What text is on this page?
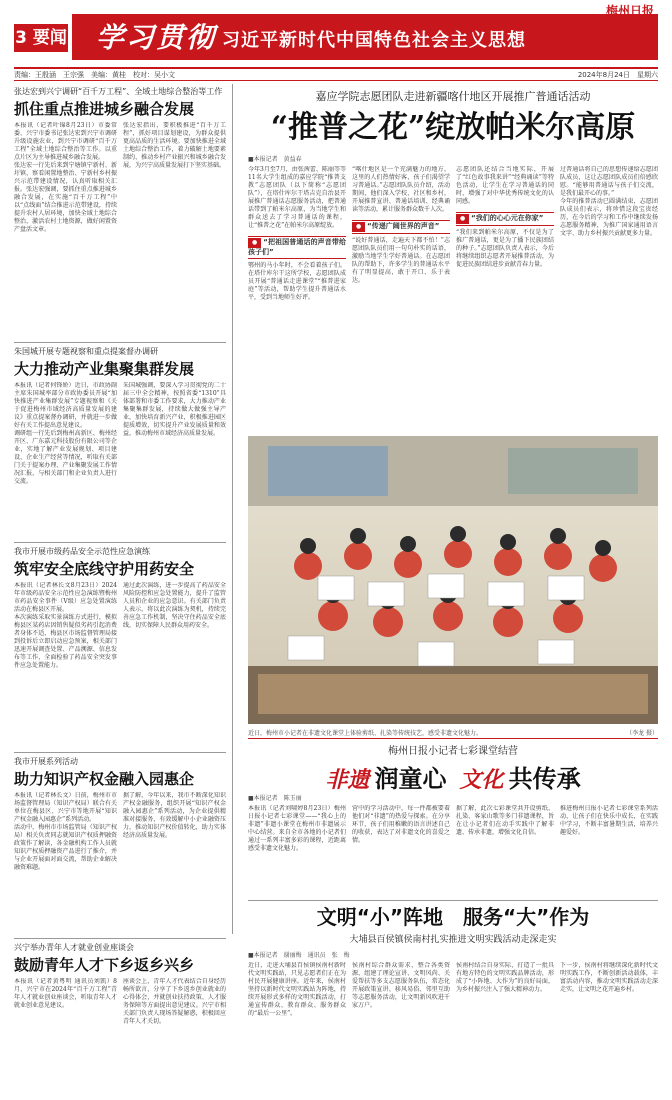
3 要闻 学习贯彻 习近平新时代中国特色社会主义思想
梅州日报
责编：王殷涵　王宗强　美编：黄桂　校对：吴小文	2024年8月24日　星期六
张达宏到兴宁调研“百千万工程”、全域土地综合整治等工作
抓住重点推进城乡融合发展

本报讯（记者叶锦8月23日）市委常委、兴宁市委书记张达宏到兴宁市调研升级设施农业，到兴宁市调研“百千万工程”全域土地综合整治等工作。以重点片区为主导推进城乡融合发展。

张达宏一行先后来到宁塘镇宁新村、新圩镇，察看闲置地整治、宁新村乡村振兴示范带建设情况，认真听取相关汇报。张达宏强调，要抓住重点推进城乡融合发展，在实施“百千万工程”中以“点线面”结合推进示范带建设，持续提升农村人居环境，加快全域土地综合整治，激活农村土地资源，做好闲置资产盘活文章。

张达宏指出，要积极推进“百千万工程”，抓好项目谋划建设，为群众提供更高品质的生活环境。要加快推进全域土地综合整治工作，着力破解土地要素制约，推动乡村产业振兴和城乡融合发展，为兴宁高质量发展打下坚实基础。

朱国城开展专题视察和重点提案督办调研
大力推动产业集聚集群发展

本报讯（记者何锋娇）近日，市政协副主席朱国城率部分市政协委员开展“加快推进产业集群发展”专题视察和《关于促进梅州市域经济高质量发展的建议》重点提案督办调研，并就进一步做好有关工作提出意见建议。

调研组一行先后到梅州高新区、梅州经开区、广东嘉元科技股份有限公司等企业，实地了解产业发展规划、项目建设、企业生产经营等情况，听取有关部门关于提案办理、产业集聚发展工作情况汇报，与相关部门和企业负责人进行交流。

朱国城强调，要深入学习贯彻党的二十届三中全会精神，按照省委“1310”具体部署和市委工作要求，大力推动产业集聚集群发展，持续做大做强主导产业，加快培育新兴产业，积极推进园区提质增效，切实提升产业发展质量和效益，推动梅州市域经济高质量发展。

我市开展市级药品安全示范性应急演练
筑牢安全底线守护用药安全

本报讯（记者林长文8月23日）2024年市级药品安全示范性应急演练暨梅州市药品安全事件（V级）应急处置演练活动在梅县区开展。

本次演练采取实景演练方式进行，模拟梅县区某药店因销售疑似劣药引起消费者身体不适，梅县区市场监督管理局接到投诉后立即启动应急预案，相关部门迅速开展调查处置、产品溯源、信息发布等工作，全面检验了药品安全突发事件应急处置能力。

通过此次演练，进一步提高了药品安全风险防控和应急处置能力，提升了监管人员和企业的应急意识。有关部门负责人表示，将以此次演练为契机，持续完善应急工作机制，坚决守住药品安全底线，切实保障人民群众用药安全。

我市开展系列活动
助力知识产权金融入园惠企

本报讯（记者林长文）日前，梅州市市场监督管理局（知识产权局）联合有关单位在梅县区、兴宁市等地开展“知识产权金融入园惠企”系列活动。

活动中，梅州市市场监管局（知识产权局）相关负责同志就知识产权质押融资政策作了解读，各金融机构工作人员就知识产权质押融资产品进行了推介，并与企业开展面对面交流，帮助企业解决融资难题。

据了解，今年以来，我市不断深化知识产权金融服务，组织开展“知识产权金融入园惠企”系列活动，为企业提供精准对接服务，有效缓解中小企业融资压力，推动知识产权价值转化，助力实体经济高质量发展。

兴宁举办青年人才就业创业座谈会
鼓励青年人才下乡返乡兴乡

本报讯（记者黄粤明 通讯员刘凯）8月，兴宁市在2024年“百千万工程”青年人才就业创业座谈会，听取青年人才就业创业意见建议。

座谈会上，青年人才代表结合自身经历畅所欲言，分享了下乡返乡创业就业的心得体会，并就创业扶持政策、人才服务保障等方面提出意见建议。兴宁市相关部门负责人现场答疑解惑，积极回应青年人才关切。

嘉应学院志愿团队走进新疆喀什地区开展推广普通话活动
“推普之花”绽放帕米尔高原
■本报记者　黄益春

今年3月至7月，由张茜蕾、陈丽等等11名大学生组成的嘉应学院“推普支教”志愿团队（以下简称“志愿团队”），在塔什库尔干塔吉克自治县开展推广普通话志愿服务活动，把普通话带到了帕米尔高原，为当地学生和群众送去了学习普通话的课程，让“推普之花”在帕米尔高原绽放。

● “把祖国普通话的声音带给孩子们”

鄂州的马小年时，不会看着孩子们。在塔什库尔干这所学校，志愿团队成员开展“普通话走进课堂”“推普进家庭”等活动，帮助学生提升普通话水平，受到当地师生好评。

“喀什地区是一个充满魅力的地方，这里的人们热情好客，孩子们渴望学习普通话。”志愿团队队员介绍，活动期间，他们深入学校、社区和乡村，开展推普宣讲、普通话培训、经典诵读等活动，累计服务群众数千人次。

● “传递广阔世界的声音”

“说好普通话，走遍天下都不怕！”志愿团队队员们用一句句朴实的话语，激励当地学生学好普通话。在志愿团队的帮助下，许多学生的普通话水平有了明显提高，敢于开口、乐于表达。

志愿团队还结合当地实际，开展了“红色故事我来讲”“经典诵读”等特色活动，让学生在学习普通话的同时，增强了对中华优秀传统文化的认同感。

● “我们的心心元在你家”

“我们来到帕米尔高原，不仅是为了推广普通话，更是为了播下民族团结的种子。”志愿团队负责人表示，今后将继续组织志愿者开展推普活动，为促进民族团结进步贡献青春力量。

过普通话将自己的思想传递给志愿团队成员，这让志愿团队成员们倍感欣慰。“能够用普通话与孩子们交流，是我们最开心的事。”

今年的推普活动已圆满结束，志愿团队成员们表示，将珍惜这段宝贵经历，在今后的学习和工作中继续发扬志愿服务精神，为推广国家通用语言文字、助力乡村振兴贡献更多力量。

近日，梅州市小记者在非遗文化课堂上体验剪纸、扎染等传统技艺，感受非遗文化魅力。	（李龙 摄）
梅州日报小记者七彩课堂结营
非遗 润童心 文化 共传承
■本报记者　陈玉丽
本报讯（记者刘啸婷8月23日）梅州日报小记者七彩课堂——“我心上的非遗”非遗小课堂在梅州市非遗展示中心结营。来自全市各地的小记者们通过一系列丰富多彩的课程，近距离感受非遗文化魅力。
营中的学习活动中，每一件都被要着他们对“非遗”的热爱与探索。在分享环节，孩子们用稚嫩的语言讲述自己的收获，表达了对非遗文化的喜爱之情。
据了解，此次七彩课堂共开设剪纸、扎染、客家山歌等多门非遗课程，旨在让小记者们在动手实践中了解非遗、传承非遗，增强文化自信。
推进梅州日报小记者七彩课堂系列活动，让孩子们在快乐中成长，在实践中学习，不断丰富暑期生活，培养兴趣爱好。
文明“小”阵地　服务“大”作为
大埔县百侯镇侯南村扎实推进文明实践活动走深走实
■本报记者　谢丽梅　通讯员　张　梅
近日，走进大埔县百侯镇侯南村新时代文明实践站，只见志愿者们正在为村民开展健康讲座。近年来，侯南村坚持以新时代文明实践站为阵地，持续开展形式多样的文明实践活动，打通宣传群众、教育群众、服务群众的“最后一公里”。
侯南村综合群众需求，整合各类资源，组建了理论宣讲、文明风尚、关爱帮扶等多支志愿服务队伍，常态化开展政策宣讲、移风易俗、邻里互助等志愿服务活动，让文明新风吹进千家万户。
侯南村结合自身实际，打造了一批具有地方特色的文明实践品牌活动，形成了“小阵地、大作为”的良好局面，为乡村振兴注入了强大精神动力。
下一步，侯南村将继续深化新时代文明实践工作，不断创新活动载体，丰富活动内容，推动文明实践活动走深走实，让文明之花开遍乡村。
